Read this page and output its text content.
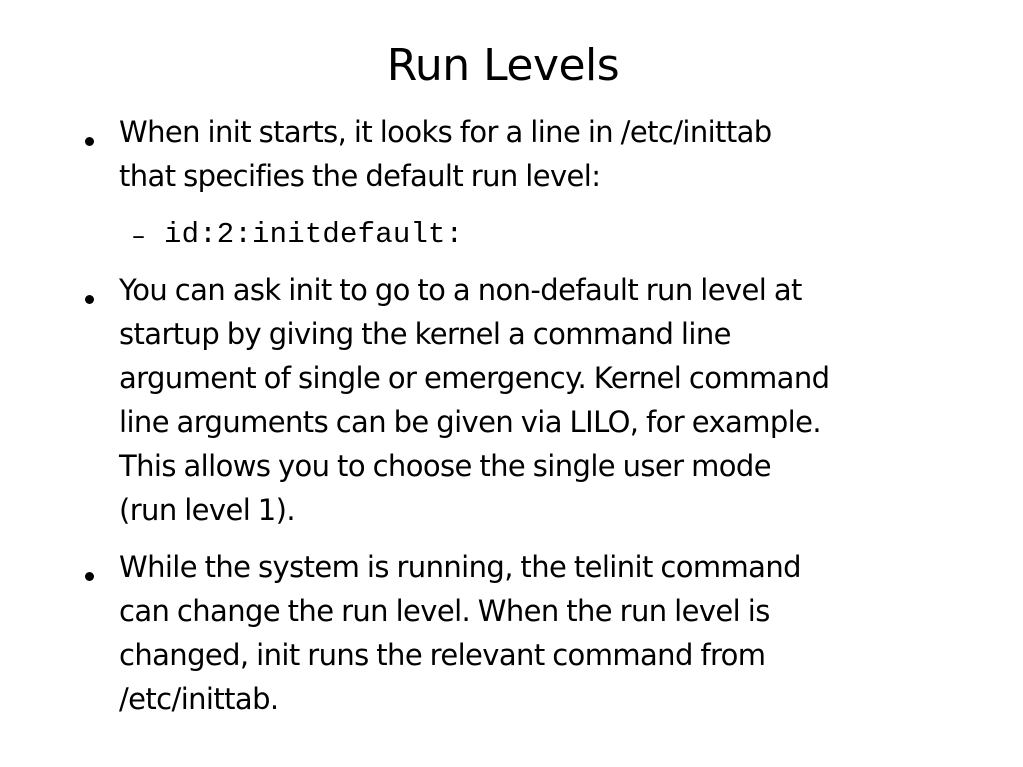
Run Levels
When init starts, it looks for a line in /etc/inittab
that specifies the default run level:
– id:2:initdefault:
You can ask init to go to a non-default run level at
startup by giving the kernel a command line
argument of single or emergency. Kernel command
line arguments can be given via LILO, for example.
This allows you to choose the single user mode
(run level 1).
While the system is running, the telinit command
can change the run level. When the run level is
changed, init runs the relevant command from
/etc/inittab.
